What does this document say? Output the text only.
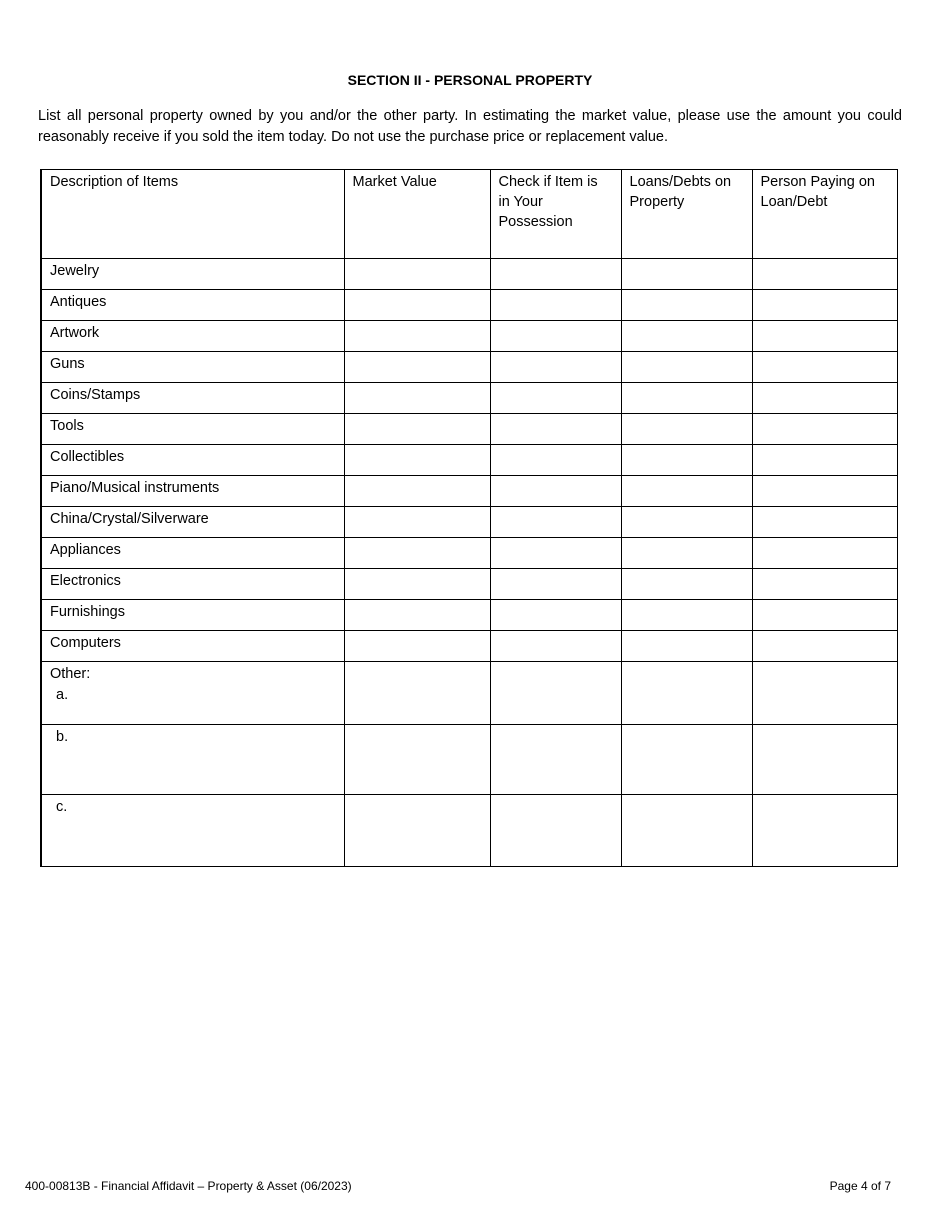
SECTION II - PERSONAL PROPERTY
List all personal property owned by you and/or the other party. In estimating the market value, please use the amount you could reasonably receive if you sold the item today. Do not use the purchase price or replacement value.
Description of Items	Market Value	Check if Item is in Your Possession	Loans/Debts on Property	Person Paying on Loan/Debt
Jewelry				
Antiques				
Artwork				
Guns				
Coins/Stamps				
Tools				
Collectibles				
Piano/Musical instruments				
China/Crystal/Silverware				
Appliances				
Electronics				
Furnishings				
Computers				
Other:
a.				

b.				

c.				

400-00813B - Financial Affidavit – Property & Asset (06/2023)	Page 4 of 7
